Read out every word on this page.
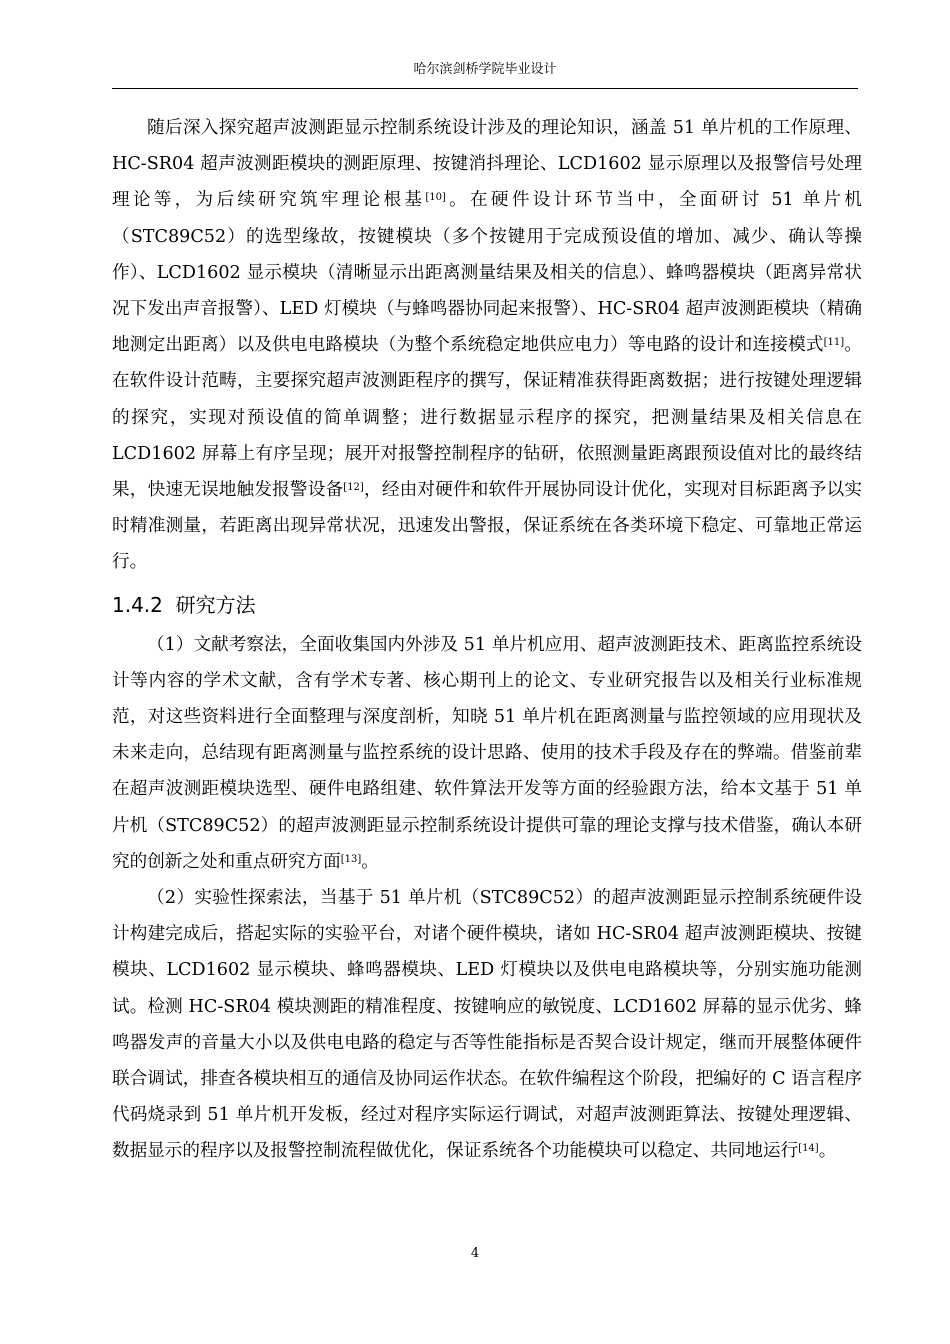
哈尔滨剑桥学院毕业设计

随后深入探究超声波测距显示控制系统设计涉及的理论知识，涵盖 51 单片机的工作原理、HC-SR04 超声波测距模块的测距原理、按键消抖理论、LCD1602 显示原理以及报警信号处理理论等，为后续研究筑牢理论根基[10]。在硬件设计环节当中，全面研讨 51 单片机（STC89C52）的选型缘故，按键模块（多个按键用于完成预设值的增加、减少、确认等操作）、LCD1602 显示模块（清晰显示出距离测量结果及相关的信息）、蜂鸣器模块（距离异常状况下发出声音报警）、LED 灯模块（与蜂鸣器协同起来报警）、HC-SR04 超声波测距模块（精确地测定出距离）以及供电电路模块（为整个系统稳定地供应电力）等电路的设计和连接模式[11]。在软件设计范畴，主要探究超声波测距程序的撰写，保证精准获得距离数据；进行按键处理逻辑的探究，实现对预设值的简单调整；进行数据显示程序的探究，把测量结果及相关信息在 LCD1602 屏幕上有序呈现；展开对报警控制程序的钻研，依照测量距离跟预设值对比的最终结果，快速无误地触发报警设备[12]，经由对硬件和软件开展协同设计优化，实现对目标距离予以实时精准测量，若距离出现异常状况，迅速发出警报，保证系统在各类环境下稳定、可靠地正常运行。

1.4.2 研究方法

（1）文献考察法，全面收集国内外涉及 51 单片机应用、超声波测距技术、距离监控系统设计等内容的学术文献，含有学术专著、核心期刊上的论文、专业研究报告以及相关行业标准规范，对这些资料进行全面整理与深度剖析，知晓 51 单片机在距离测量与监控领域的应用现状及未来走向，总结现有距离测量与监控系统的设计思路、使用的技术手段及存在的弊端。借鉴前辈在超声波测距模块选型、硬件电路组建、软件算法开发等方面的经验跟方法，给本文基于 51 单片机（STC89C52）的超声波测距显示控制系统设计提供可靠的理论支撑与技术借鉴，确认本研究的创新之处和重点研究方面[13]。

（2）实验性探索法，当基于 51 单片机（STC89C52）的超声波测距显示控制系统硬件设计构建完成后，搭起实际的实验平台，对诸个硬件模块，诸如 HC-SR04 超声波测距模块、按键模块、LCD1602 显示模块、蜂鸣器模块、LED 灯模块以及供电电路模块等，分别实施功能测试。检测 HC-SR04 模块测距的精准程度、按键响应的敏锐度、LCD1602 屏幕的显示优劣、蜂鸣器发声的音量大小以及供电电路的稳定与否等性能指标是否契合设计规定，继而开展整体硬件联合调试，排查各模块相互的通信及协同运作状态。在软件编程这个阶段，把编好的 C 语言程序代码烧录到 51 单片机开发板，经过对程序实际运行调试，对超声波测距算法、按键处理逻辑、数据显示的程序以及报警控制流程做优化，保证系统各个功能模块可以稳定、共同地运行[14]。

4
